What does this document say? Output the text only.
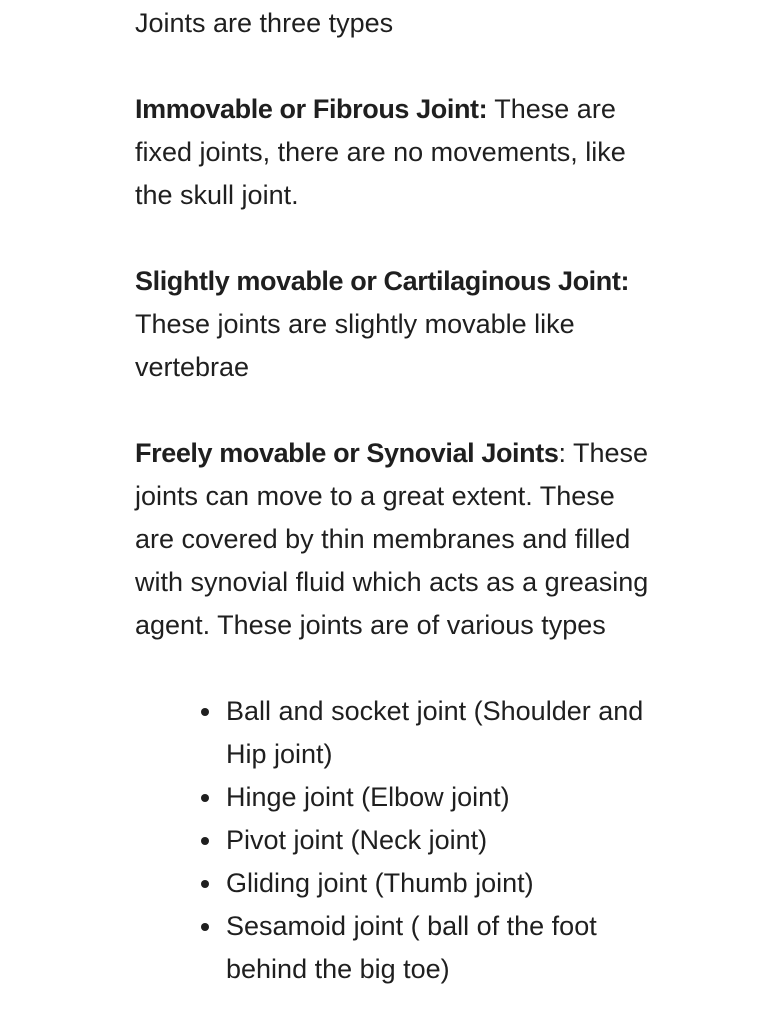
Joints are three types

Immovable or Fibrous Joint: These are fixed joints, there are no movements, like the skull joint.

Slightly movable or Cartilaginous Joint: These joints are slightly movable like vertebrae

Freely movable or Synovial Joints: These joints can move to a great extent. These are covered by thin membranes and filled with synovial fluid which acts as a greasing agent. These joints are of various types

Ball and socket joint (Shoulder and Hip joint)
Hinge joint (Elbow joint)
Pivot joint (Neck joint)
Gliding joint (Thumb joint)
Sesamoid joint ( ball of the foot behind the big toe)
